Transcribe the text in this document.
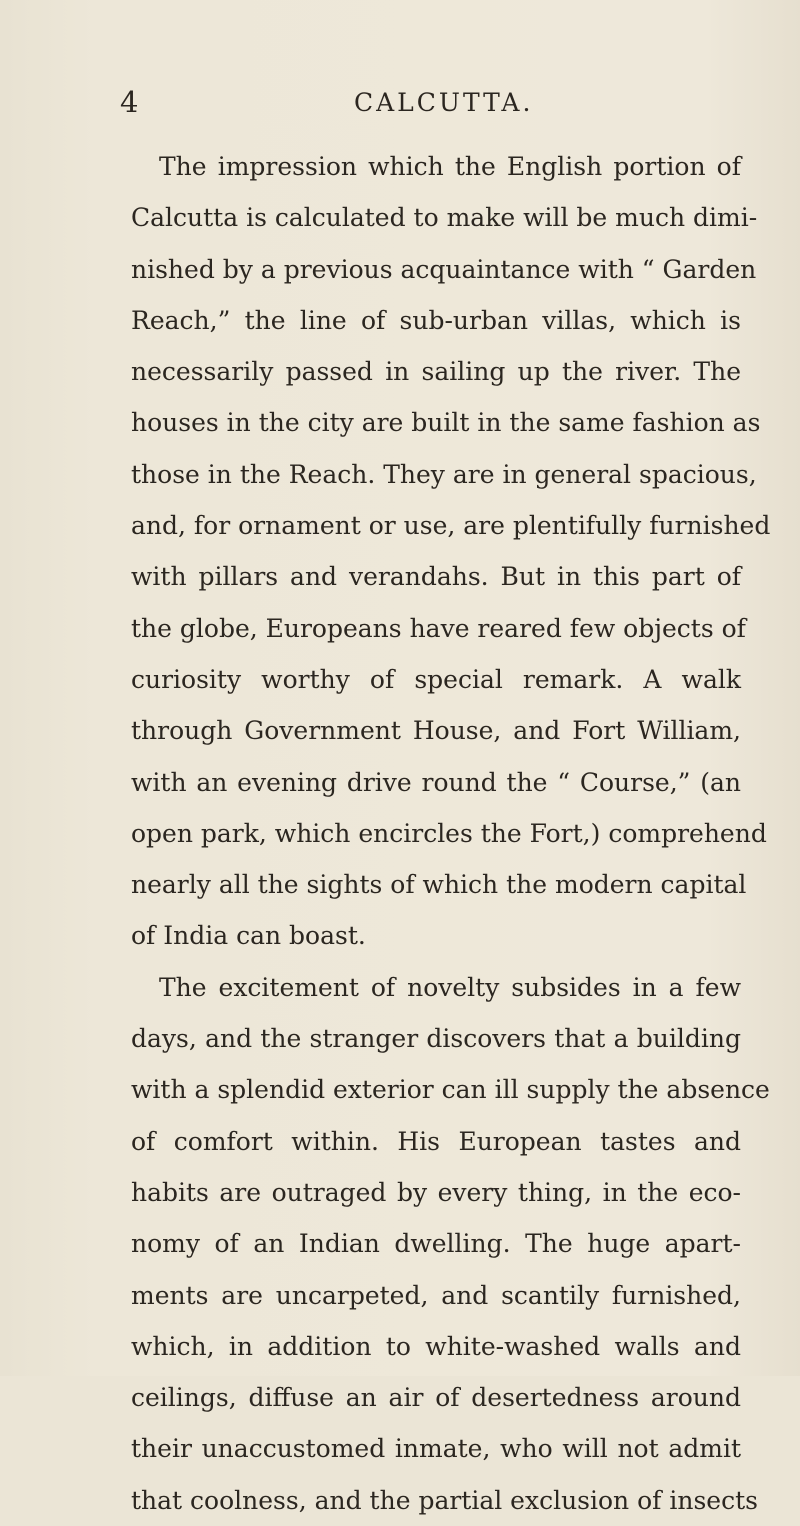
4	CALCUTTA.
The impression which the English portion of
Calcutta is calculated to make will be much dimi-
nished by a previous acquaintance with “ Garden
Reach,” the line of sub-urban villas, which is
necessarily passed in sailing up the river. The
houses in the city are built in the same fashion as
those in the Reach. They are in general spacious,
and, for ornament or use, are plentifully furnished
with pillars and verandahs. But in this part of
the globe, Europeans have reared few objects of
curiosity worthy of special remark. A walk
through Government House, and Fort William,
with an evening drive round the “ Course,” (an
open park, which encircles the Fort,) comprehend
nearly all the sights of which the modern capital
of India can boast.
The excitement of novelty subsides in a few
days, and the stranger discovers that a building
with a splendid exterior can ill supply the absence
of comfort within. His European tastes and
habits are outraged by every thing, in the eco-
nomy of an Indian dwelling. The huge apart-
ments are uncarpeted, and scantily furnished,
which, in addition to white-washed walls and
ceilings, diffuse an air of desertedness around
their unaccustomed inmate, who will not admit
that coolness, and the partial exclusion of insects
